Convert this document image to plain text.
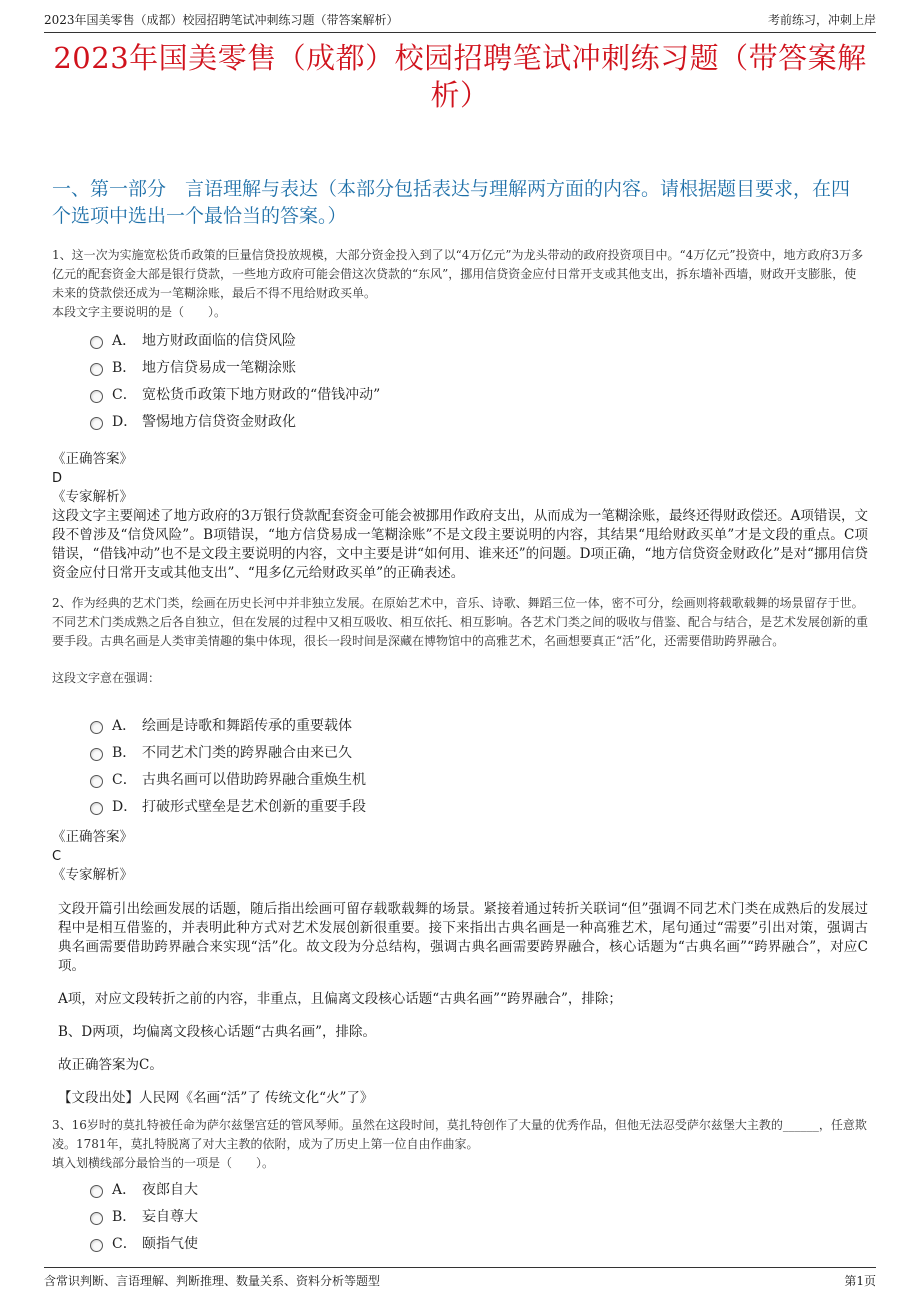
2023年国美零售（成都）校园招聘笔试冲刺练习题（带答案解析）	考前练习，冲刺上岸
2023年国美零售（成都）校园招聘笔试冲刺练习题（带答案解析）
一、第一部分　言语理解与表达（本部分包括表达与理解两方面的内容。请根据题目要求，在四个选项中选出一个最恰当的答案。）

1、这一次为实施宽松货币政策的巨量信贷投放规模，大部分资金投入到了以“4万亿元”为龙头带动的政府投资项目中。“4万亿元”投资中，地方政府3万多亿元的配套资金大部是银行贷款，一些地方政府可能会借这次贷款的“东风”，挪用信贷资金应付日常开支或其他支出，拆东墙补西墙，财政开支膨胀，使未来的贷款偿还成为一笔糊涂账，最后不得不甩给财政买单。

本段文字主要说明的是（　　）。

A． 地方财政面临的信贷风险
B． 地方信贷易成一笔糊涂账
C． 宽松货币政策下地方财政的“借钱冲动”
D． 警惕地方信贷资金财政化

《正确答案》

D

《专家解析》

这段文字主要阐述了地方政府的3万银行贷款配套资金可能会被挪用作政府支出，从而成为一笔糊涂账，最终还得财政偿还。A项错误，文段不曾涉及“信贷风险”。B项错误，“地方信贷易成一笔糊涂账”不是文段主要说明的内容，其结果“甩给财政买单”才是文段的重点。C项错误，“借钱冲动”也不是文段主要说明的内容，文中主要是讲“如何用、谁来还”的问题。D项正确，“地方信贷资金财政化”是对“挪用信贷资金应付日常开支或其他支出”、“甩多亿元给财政买单”的正确表述。

2、作为经典的艺术门类，绘画在历史长河中并非独立发展。在原始艺术中，音乐、诗歌、舞蹈三位一体，密不可分，绘画则将载歌载舞的场景留存于世。不同艺术门类成熟之后各自独立，但在发展的过程中又相互吸收、相互依托、相互影响。各艺术门类之间的吸收与借鉴、配合与结合，是艺术发展创新的重要手段。古典名画是人类审美情趣的集中体现，很长一段时间是深藏在博物馆中的高雅艺术，名画想要真正“活”化，还需要借助跨界融合。

这段文字意在强调：

A． 绘画是诗歌和舞蹈传承的重要载体
B． 不同艺术门类的跨界融合由来已久
C． 古典名画可以借助跨界融合重焕生机
D． 打破形式壁垒是艺术创新的重要手段

《正确答案》

C

《专家解析》

文段开篇引出绘画发展的话题，随后指出绘画可留存载歌载舞的场景。紧接着通过转折关联词“但”强调不同艺术门类在成熟后的发展过程中是相互借鉴的，并表明此种方式对艺术发展创新很重要。接下来指出古典名画是一种高雅艺术，尾句通过“需要”引出对策，强调古典名画需要借助跨界融合来实现“活”化。故文段为分总结构，强调古典名画需要跨界融合，核心话题为“古典名画”“跨界融合”，对应C项。

A项，对应文段转折之前的内容，非重点，且偏离文段核心话题“古典名画”“跨界融合”，排除；

B、D两项，均偏离文段核心话题“古典名画”，排除。

故正确答案为C。

【文段出处】人民网《名画“活”了 传统文化“火”了》

3、16岁时的莫扎特被任命为萨尔兹堡宫廷的管风琴师。虽然在这段时间，莫扎特创作了大量的优秀作品，但他无法忍受萨尔兹堡大主教的______，任意欺凌。1781年，莫扎特脱离了对大主教的依附，成为了历史上第一位自由作曲家。

填入划横线部分最恰当的一项是（　　）。

A． 夜郎自大
B． 妄自尊大
C． 颐指气使
含常识判断、言语理解、判断推理、数量关系、资料分析等题型	第1页
